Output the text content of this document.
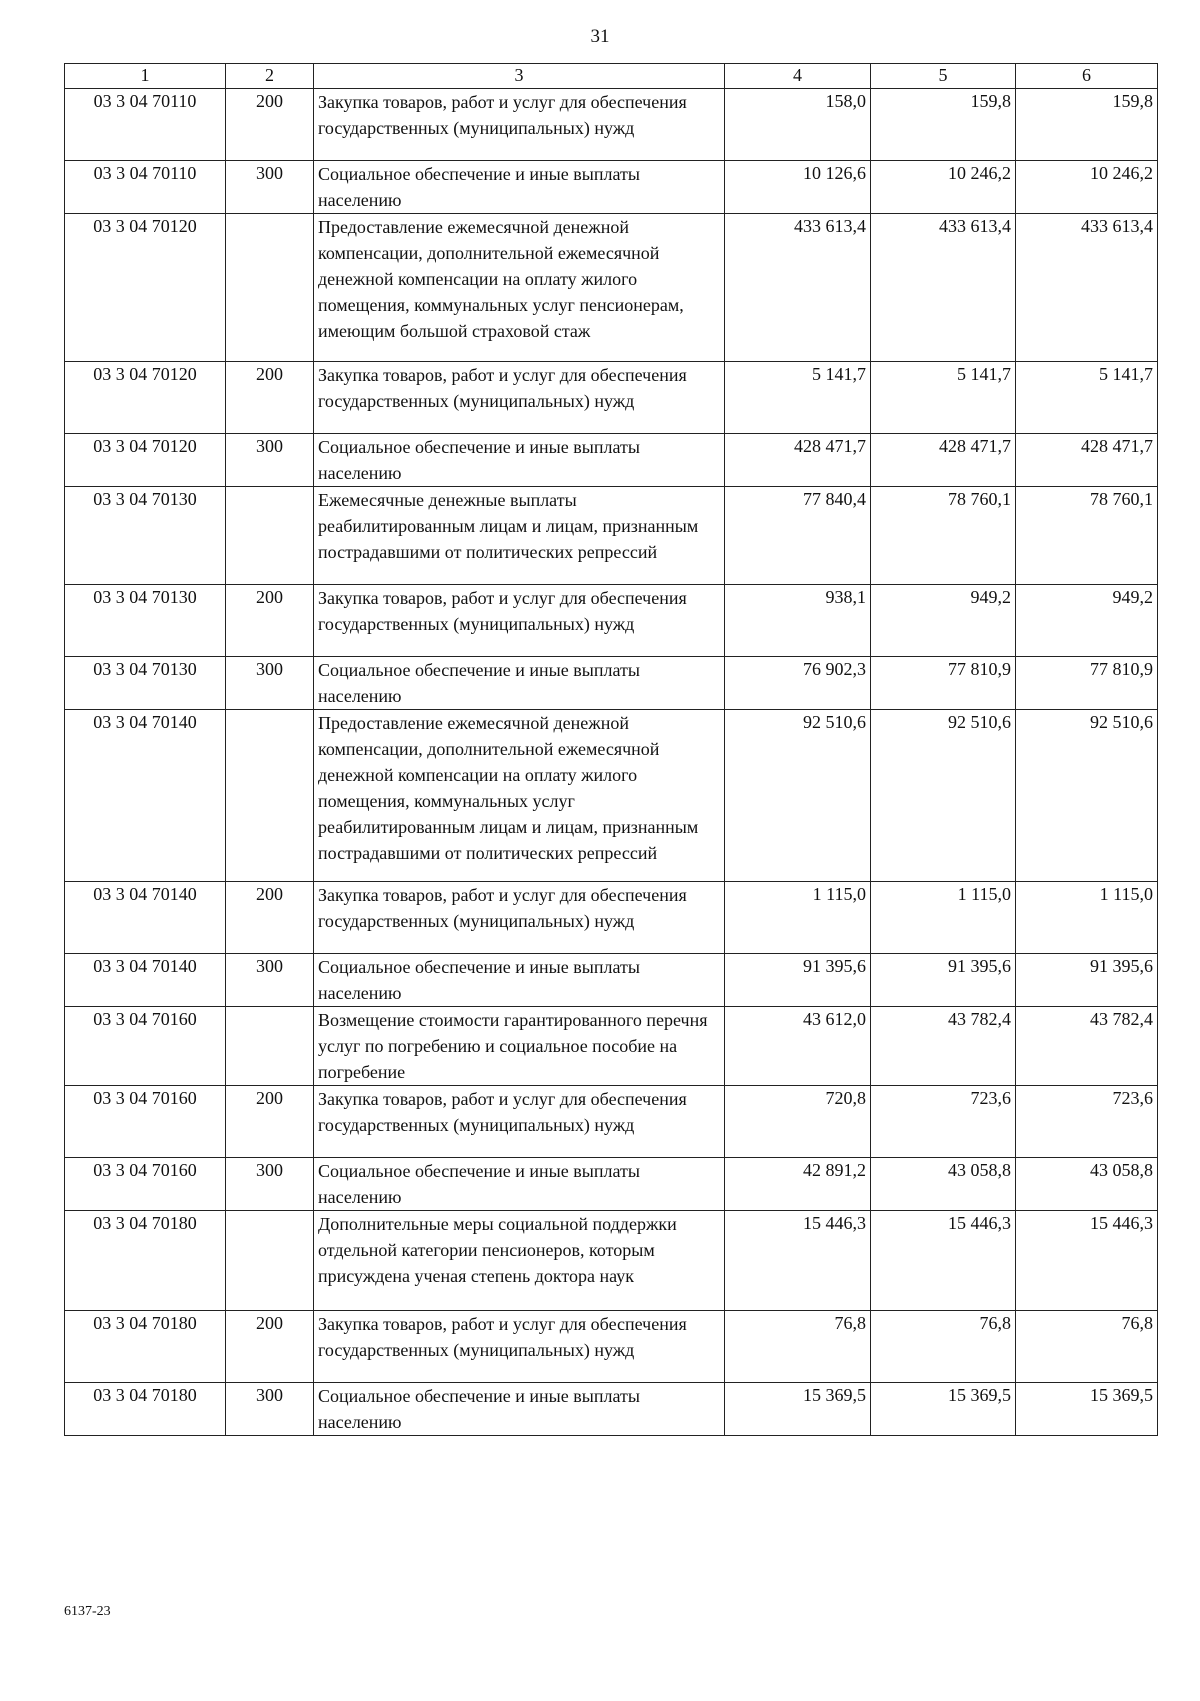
31
1	2	3	4	5	6
03 3 04 70110	200	Закупка товаров, работ и услуг для обеспечения государственных (муниципальных) нужд	158,0	159,8	159,8
03 3 04 70110	300	Социальное обеспечение и иные выплаты населению	10 126,6	10 246,2	10 246,2
03 3 04 70120		Предоставление ежемесячной денежной компенсации, дополнительной ежемесячной денежной компенсации на оплату жилого помещения, коммунальных услуг пенсионерам, имеющим большой страховой стаж	433 613,4	433 613,4	433 613,4
03 3 04 70120	200	Закупка товаров, работ и услуг для обеспечения государственных (муниципальных) нужд	5 141,7	5 141,7	5 141,7
03 3 04 70120	300	Социальное обеспечение и иные выплаты населению	428 471,7	428 471,7	428 471,7
03 3 04 70130		Ежемесячные денежные выплаты реабилитированным лицам и лицам, признанным пострадавшими от политических репрессий	77 840,4	78 760,1	78 760,1
03 3 04 70130	200	Закупка товаров, работ и услуг для обеспечения государственных (муниципальных) нужд	938,1	949,2	949,2
03 3 04 70130	300	Социальное обеспечение и иные выплаты населению	76 902,3	77 810,9	77 810,9
03 3 04 70140		Предоставление ежемесячной денежной компенсации, дополнительной ежемесячной денежной компенсации на оплату жилого помещения, коммунальных услуг реабилитированным лицам и лицам, признанным пострадавшими от политических репрессий	92 510,6	92 510,6	92 510,6
03 3 04 70140	200	Закупка товаров, работ и услуг для обеспечения государственных (муниципальных) нужд	1 115,0	1 115,0	1 115,0
03 3 04 70140	300	Социальное обеспечение и иные выплаты населению	91 395,6	91 395,6	91 395,6
03 3 04 70160		Возмещение стоимости гарантированного перечня услуг по погребению и социальное пособие на погребение	43 612,0	43 782,4	43 782,4
03 3 04 70160	200	Закупка товаров, работ и услуг для обеспечения государственных (муниципальных) нужд	720,8	723,6	723,6
03 3 04 70160	300	Социальное обеспечение и иные выплаты населению	42 891,2	43 058,8	43 058,8
03 3 04 70180		Дополнительные меры социальной поддержки отдельной категории пенсионеров, которым присуждена ученая степень доктора наук	15 446,3	15 446,3	15 446,3
03 3 04 70180	200	Закупка товаров, работ и услуг для обеспечения государственных (муниципальных) нужд	76,8	76,8	76,8
03 3 04 70180	300	Социальное обеспечение и иные выплаты населению	15 369,5	15 369,5	15 369,5
6137-23
